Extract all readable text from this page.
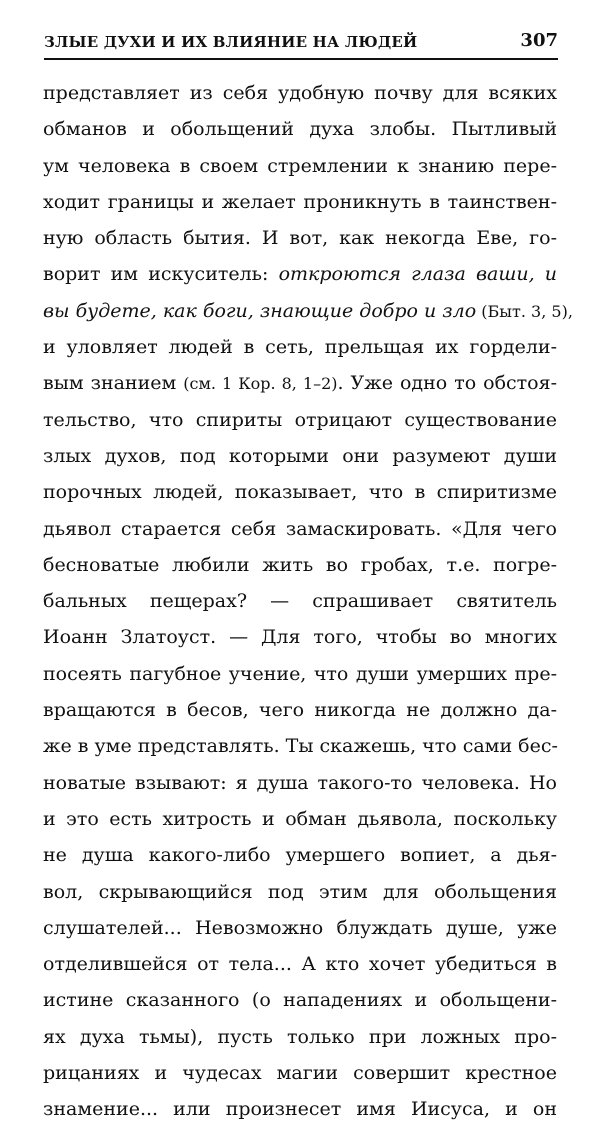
ЗЛЫЕ ДУХИ И ИХ ВЛИЯНИЕ НА ЛЮДЕЙ	307
представляет из себя удобную почву для всяких
обманов и обольщений духа злобы. Пытливый
ум человека в своем стремлении к знанию пере-
ходит границы и желает проникнуть в таинствен-
ную область бытия. И вот, как некогда Еве, го-
ворит им искуситель: откроются глаза ваши, и
вы будете, как боги, знающие добро и зло (Быт. 3, 5),
и уловляет людей в сеть, прельщая их гордели-
вым знанием (см. 1 Кор. 8, 1–2). Уже одно то обстоя-
тельство, что спириты отрицают существование
злых духов, под которыми они разумеют души
порочных людей, показывает, что в спиритизме
дьявол старается себя замаскировать. «Для чего
бесноватые любили жить во гробах, т.е. погре-
бальных пещерах? — спрашивает святитель
Иоанн Златоуст. — Для того, чтобы во многих
посеять пагубное учение, что души умерших пре-
вращаются в бесов, чего никогда не должно да-
же в уме представлять. Ты скажешь, что сами бес-
новатые взывают: я душа такого-то человека. Но
и это есть хитрость и обман дьявола, поскольку
не душа какого-либо умершего вопиет, а дья-
вол, скрывающийся под этим для обольщения
слушателей... Невозможно блуждать душе, уже
отделившейся от тела... А кто хочет убедиться в
истине сказанного (о нападениях и обольщени-
ях духа тьмы), пусть только при ложных про-
рицаниях и чудесах магии совершит крестное
знамение... или произнесет имя Иисуса, и он
